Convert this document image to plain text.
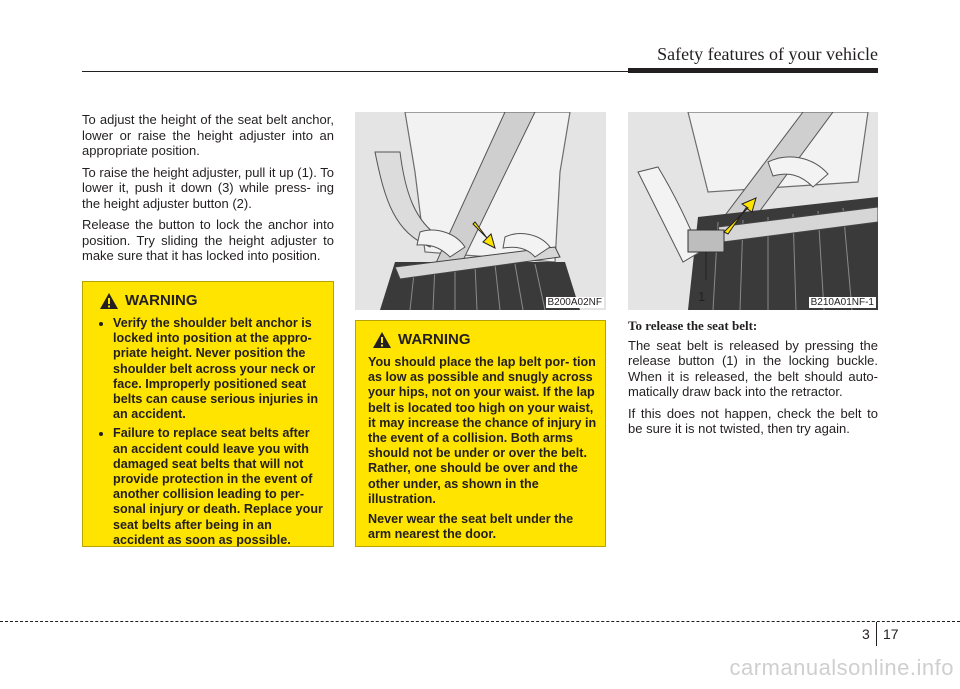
Safety features of your vehicle

To adjust the height of the seat belt anchor, lower or raise the height adjuster into an appropriate position.

To raise the height adjuster, pull it up (1). To lower it, push it down (3) while press- ing the height adjuster button (2).

Release the button to lock the anchor into position. Try sliding the height adjuster to make sure that it has locked into position.

WARNING
• Verify the shoulder belt anchor is locked into position at the appro- priate height. Never position the shoulder belt across your neck or face. Improperly positioned seat belts can cause serious injuries in an accident.
• Failure to replace seat belts after an accident could leave you with damaged seat belts that will not provide protection in the event of another collision leading to per- sonal injury or death. Replace your seat belts after being in an accident as soon as possible.
B200A02NF
WARNING

You should place the lap belt por- tion as low as possible and snugly across your hips, not on your waist. If the lap belt is located too high on your waist, it may increase the chance of injury in the event of a collision. Both arms should not be under or over the belt. Rather, one should be over and the other under, as shown in the illustration.

Never wear the seat belt under the arm nearest the door.

1	B210A01NF-1
To release the seat belt:

The seat belt is released by pressing the release button (1) in the locking buckle. When it is released, the belt should auto- matically draw back into the retractor.

If this does not happen, check the belt to be sure it is not twisted, then try again.

3 17
carmanualsonline.info
